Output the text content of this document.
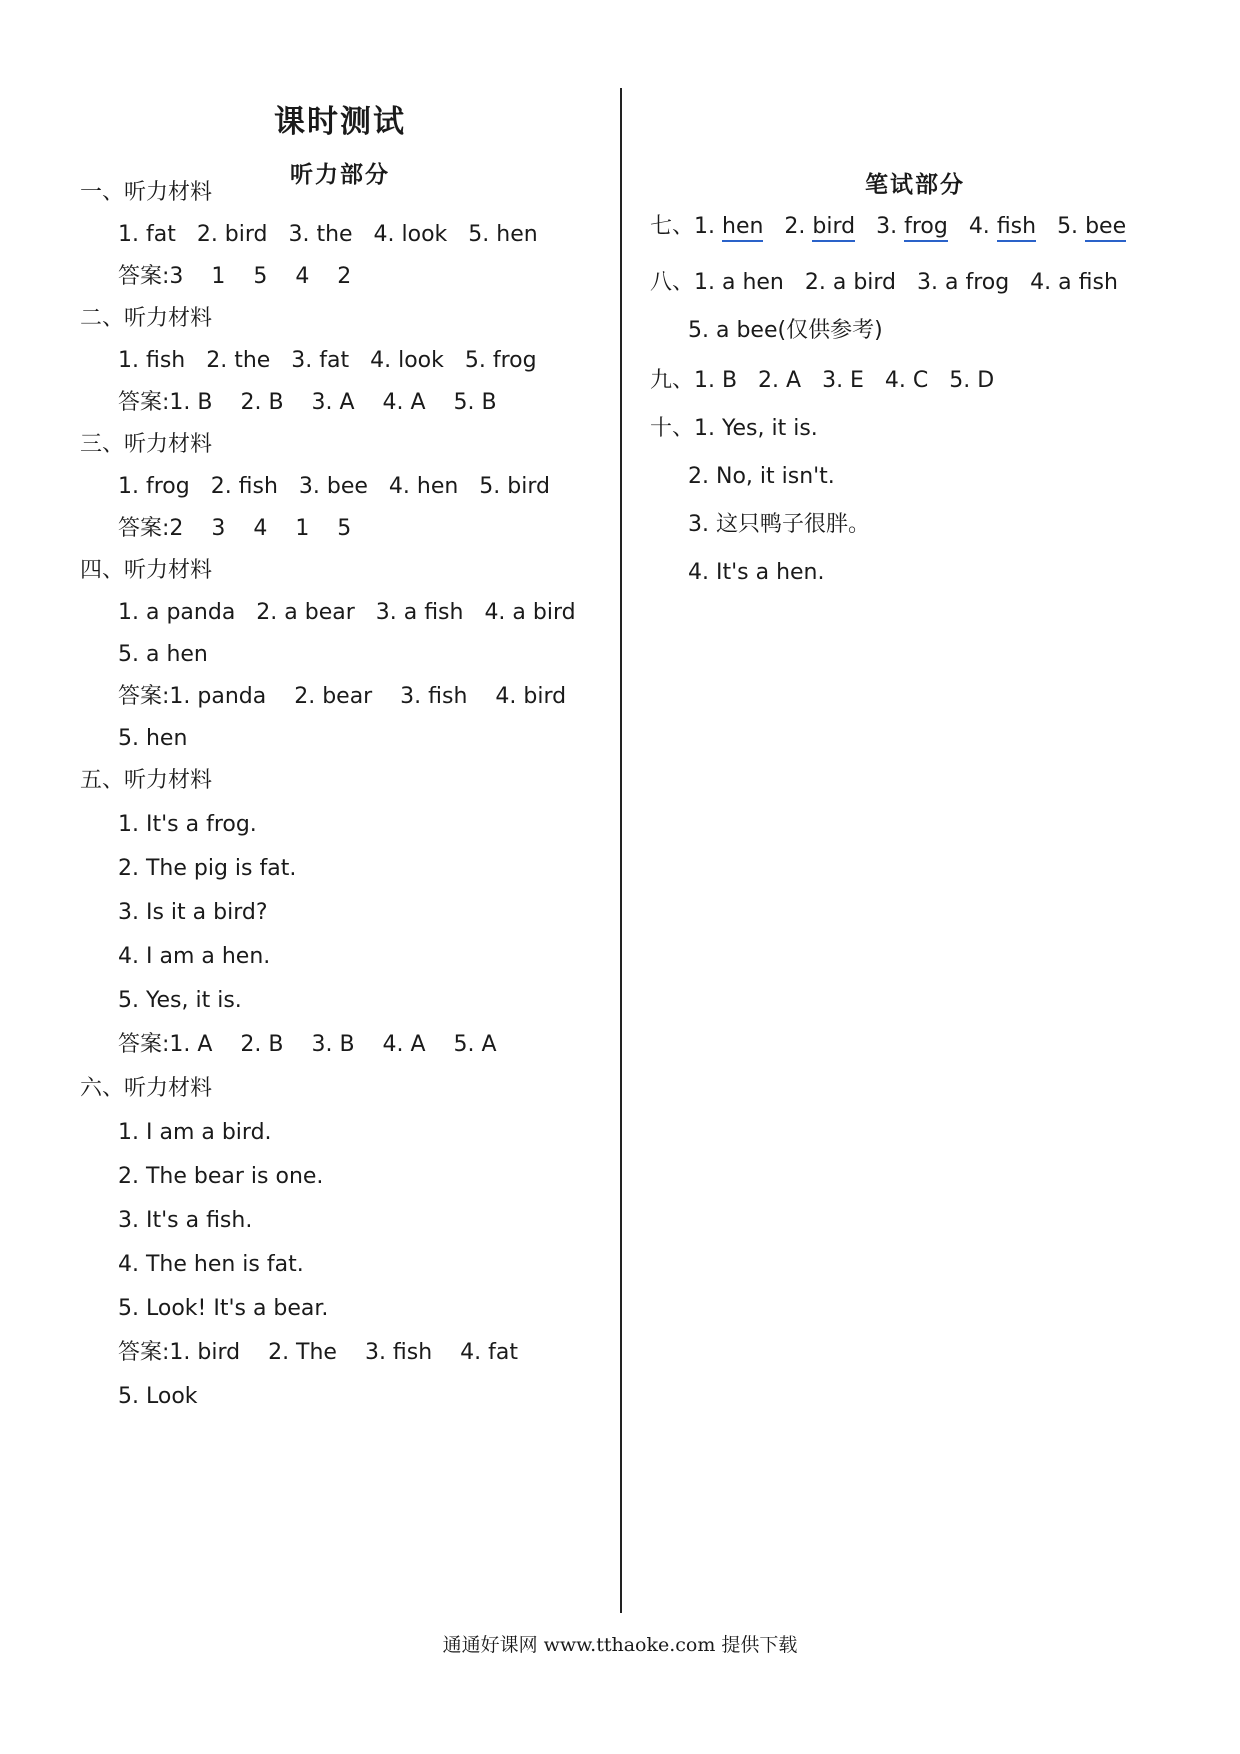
课时测试
听力部分	笔试部分
一、听力材料
1. fat   2. bird   3. the   4. look   5. hen
答案:3    1    5    4    2
二、听力材料
1. fish   2. the   3. fat   4. look   5. frog
答案:1. B    2. B    3. A    4. A    5. B
三、听力材料
1. frog   2. fish   3. bee   4. hen   5. bird
答案:2    3    4    1    5
四、听力材料
1. a panda   2. a bear   3. a fish   4. a bird
5. a hen
答案:1. panda    2. bear    3. fish    4. bird
5. hen
五、听力材料
1. It's a frog.
2. The pig is fat.
3. Is it a bird?
4. I am a hen.
5. Yes, it is.
答案:1. A    2. B    3. B    4. A    5. A
六、听力材料
1. I am a bird.
2. The bear is one.
3. It's a fish.
4. The hen is fat.
5. Look! It's a bear.
答案:1. bird    2. The    3. fish    4. fat
5. Look
七、1. hen 2. bird 3. frog 4. fish 5. bee
八、1. a hen   2. a bird   3. a frog   4. a fish
5. a bee(仅供参考)
九、1. B   2. A   3. E   4. C   5. D
十、1. Yes, it is.
2. No, it isn't.
3. 这只鸭子很胖。
4. It's a hen.
通通好课网 www.tthaoke.com 提供下载
